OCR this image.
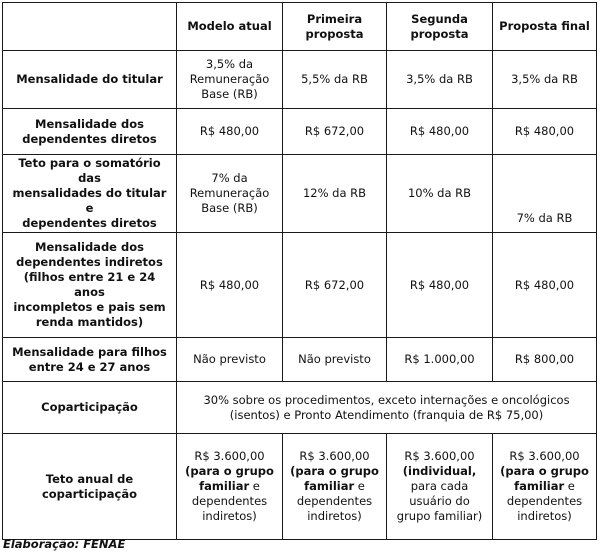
	Modelo atual	Primeira
proposta	Segunda
proposta	Proposta final
Mensalidade do titular	3,5% da
Remuneração
Base (RB)	5,5% da RB	3,5% da RB	3,5% da RB

Mensalidade dos
dependentes diretos	R$ 480,00	R$ 672,00	R$ 480,00	R$ 480,00

Teto para o somatório das
mensalidades do titular e
dependentes diretos	7% da
Remuneração
Base (RB)	12% da RB	10% da RB	7% da RB

Mensalidade dos
dependentes indiretos
(filhos entre 21 e 24 anos
incompletos e pais sem
renda mantidos)	R$ 480,00	R$ 672,00	R$ 480,00	R$ 480,00

Mensalidade para filhos
entre 24 e 27 anos	Não previsto	Não previsto	R$ 1.000,00	R$ 800,00
Coparticipação	30% sobre os procedimentos, exceto internações e oncológicos
(isentos) e Pronto Atendimento (franquia de R$ 75,00)			

Teto anual de
coparticipação	R$ 3.600,00
(para o grupo
familiar e
dependentes
indiretos)	R$ 3.600,00
(para o grupo
familiar e
dependentes
indiretos)	R$ 3.600,00
(individual,
para cada
usuário do
grupo familiar)	R$ 3.600,00
(para o grupo
familiar e
dependentes
indiretos)
Elaboração: FENAE
